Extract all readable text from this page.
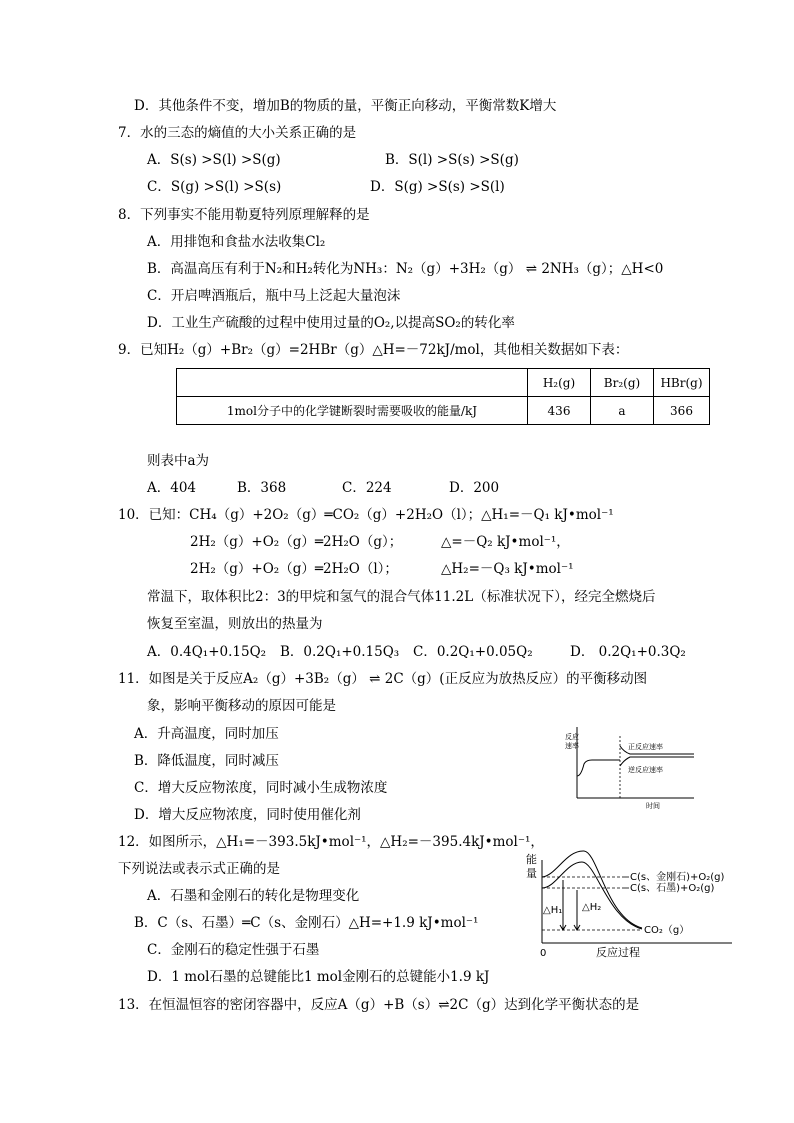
D．其他条件不变，增加B的物质的量，平衡正向移动，平衡常数K增大
7．水的三态的熵值的大小关系正确的是
A．S(s) >S(l) >S(g)	B．S(l) >S(s) >S(g)
C．S(g) >S(l) >S(s)	D．S(g) >S(s) >S(l)
8．下列事实不能用勒夏特列原理解释的是
A．用排饱和食盐水法收集Cl₂
B．高温高压有利于N₂和H₂转化为NH₃：N₂（g）+3H₂（g） ⇌ 2NH₃（g）；△H<0
C．开启啤酒瓶后，瓶中马上泛起大量泡沫
D．工业生产硫酸的过程中使用过量的O₂,以提高SO₂的转化率
9．已知H₂（g）+Br₂（g）=2HBr（g）△H=－72kJ/mol，其他相关数据如下表：
	H₂(g)	Br₂(g)	HBr(g)
1mol分子中的化学键断裂时需要吸收的能量/kJ	436	a	366
则表中a为
A．404	B．368	C．224	D．200
10．已知：CH₄（g）+2O₂（g）═CO₂（g）+2H₂O（l）；△H₁=－Q₁ kJ•mol⁻¹
2H₂（g）+O₂（g）═2H₂O（g）；	△=－Q₂ kJ•mol⁻¹，
2H₂（g）+O₂（g）═2H₂O（l）；	△H₂=－Q₃ kJ•mol⁻¹
常温下，取体积比2：3的甲烷和氢气的混合气体11.2L（标准状况下），经完全燃烧后
恢复至室温，则放出的热量为
A．0.4Q₁+0.15Q₂ B．0.2Q₁+0.15Q₃ C．0.2Q₁+0.05Q₂	D． 0.2Q₁+0.3Q₂
11．如图是关于反应A₂（g）+3B₂（g） ⇌ 2C（g）(正反应为放热反应）的平衡移动图
象，影响平衡移动的原因可能是
A．升高温度，同时加压
B．降低温度，同时减压
C．增大反应物浓度，同时减小生成物浓度
D．增大反应物浓度，同时使用催化剂
12．如图所示，△H₁=－393.5kJ•mol⁻¹，△H₂=－395.4kJ•mol⁻¹，
下列说法或表示式正确的是
A．石墨和金刚石的转化是物理变化
B．C（s、石墨）═C（s、金刚石）△H=+1.9 kJ•mol⁻¹
C．金刚石的稳定性强于石墨
D．1 mol石墨的总键能比1 mol金刚石的总键能小1.9 kJ
13．在恒温恒容的密闭容器中，反应A（g）+B（s）⇌2C（g）达到化学平衡状态的是
反应
速率	正反应速率
逆反应速率
时间
能
量
△H₁ △H₂
C(s、金刚石)+O₂(g)
C(s、石墨)+O₂(g)
CO₂（g）
0	反应过程
